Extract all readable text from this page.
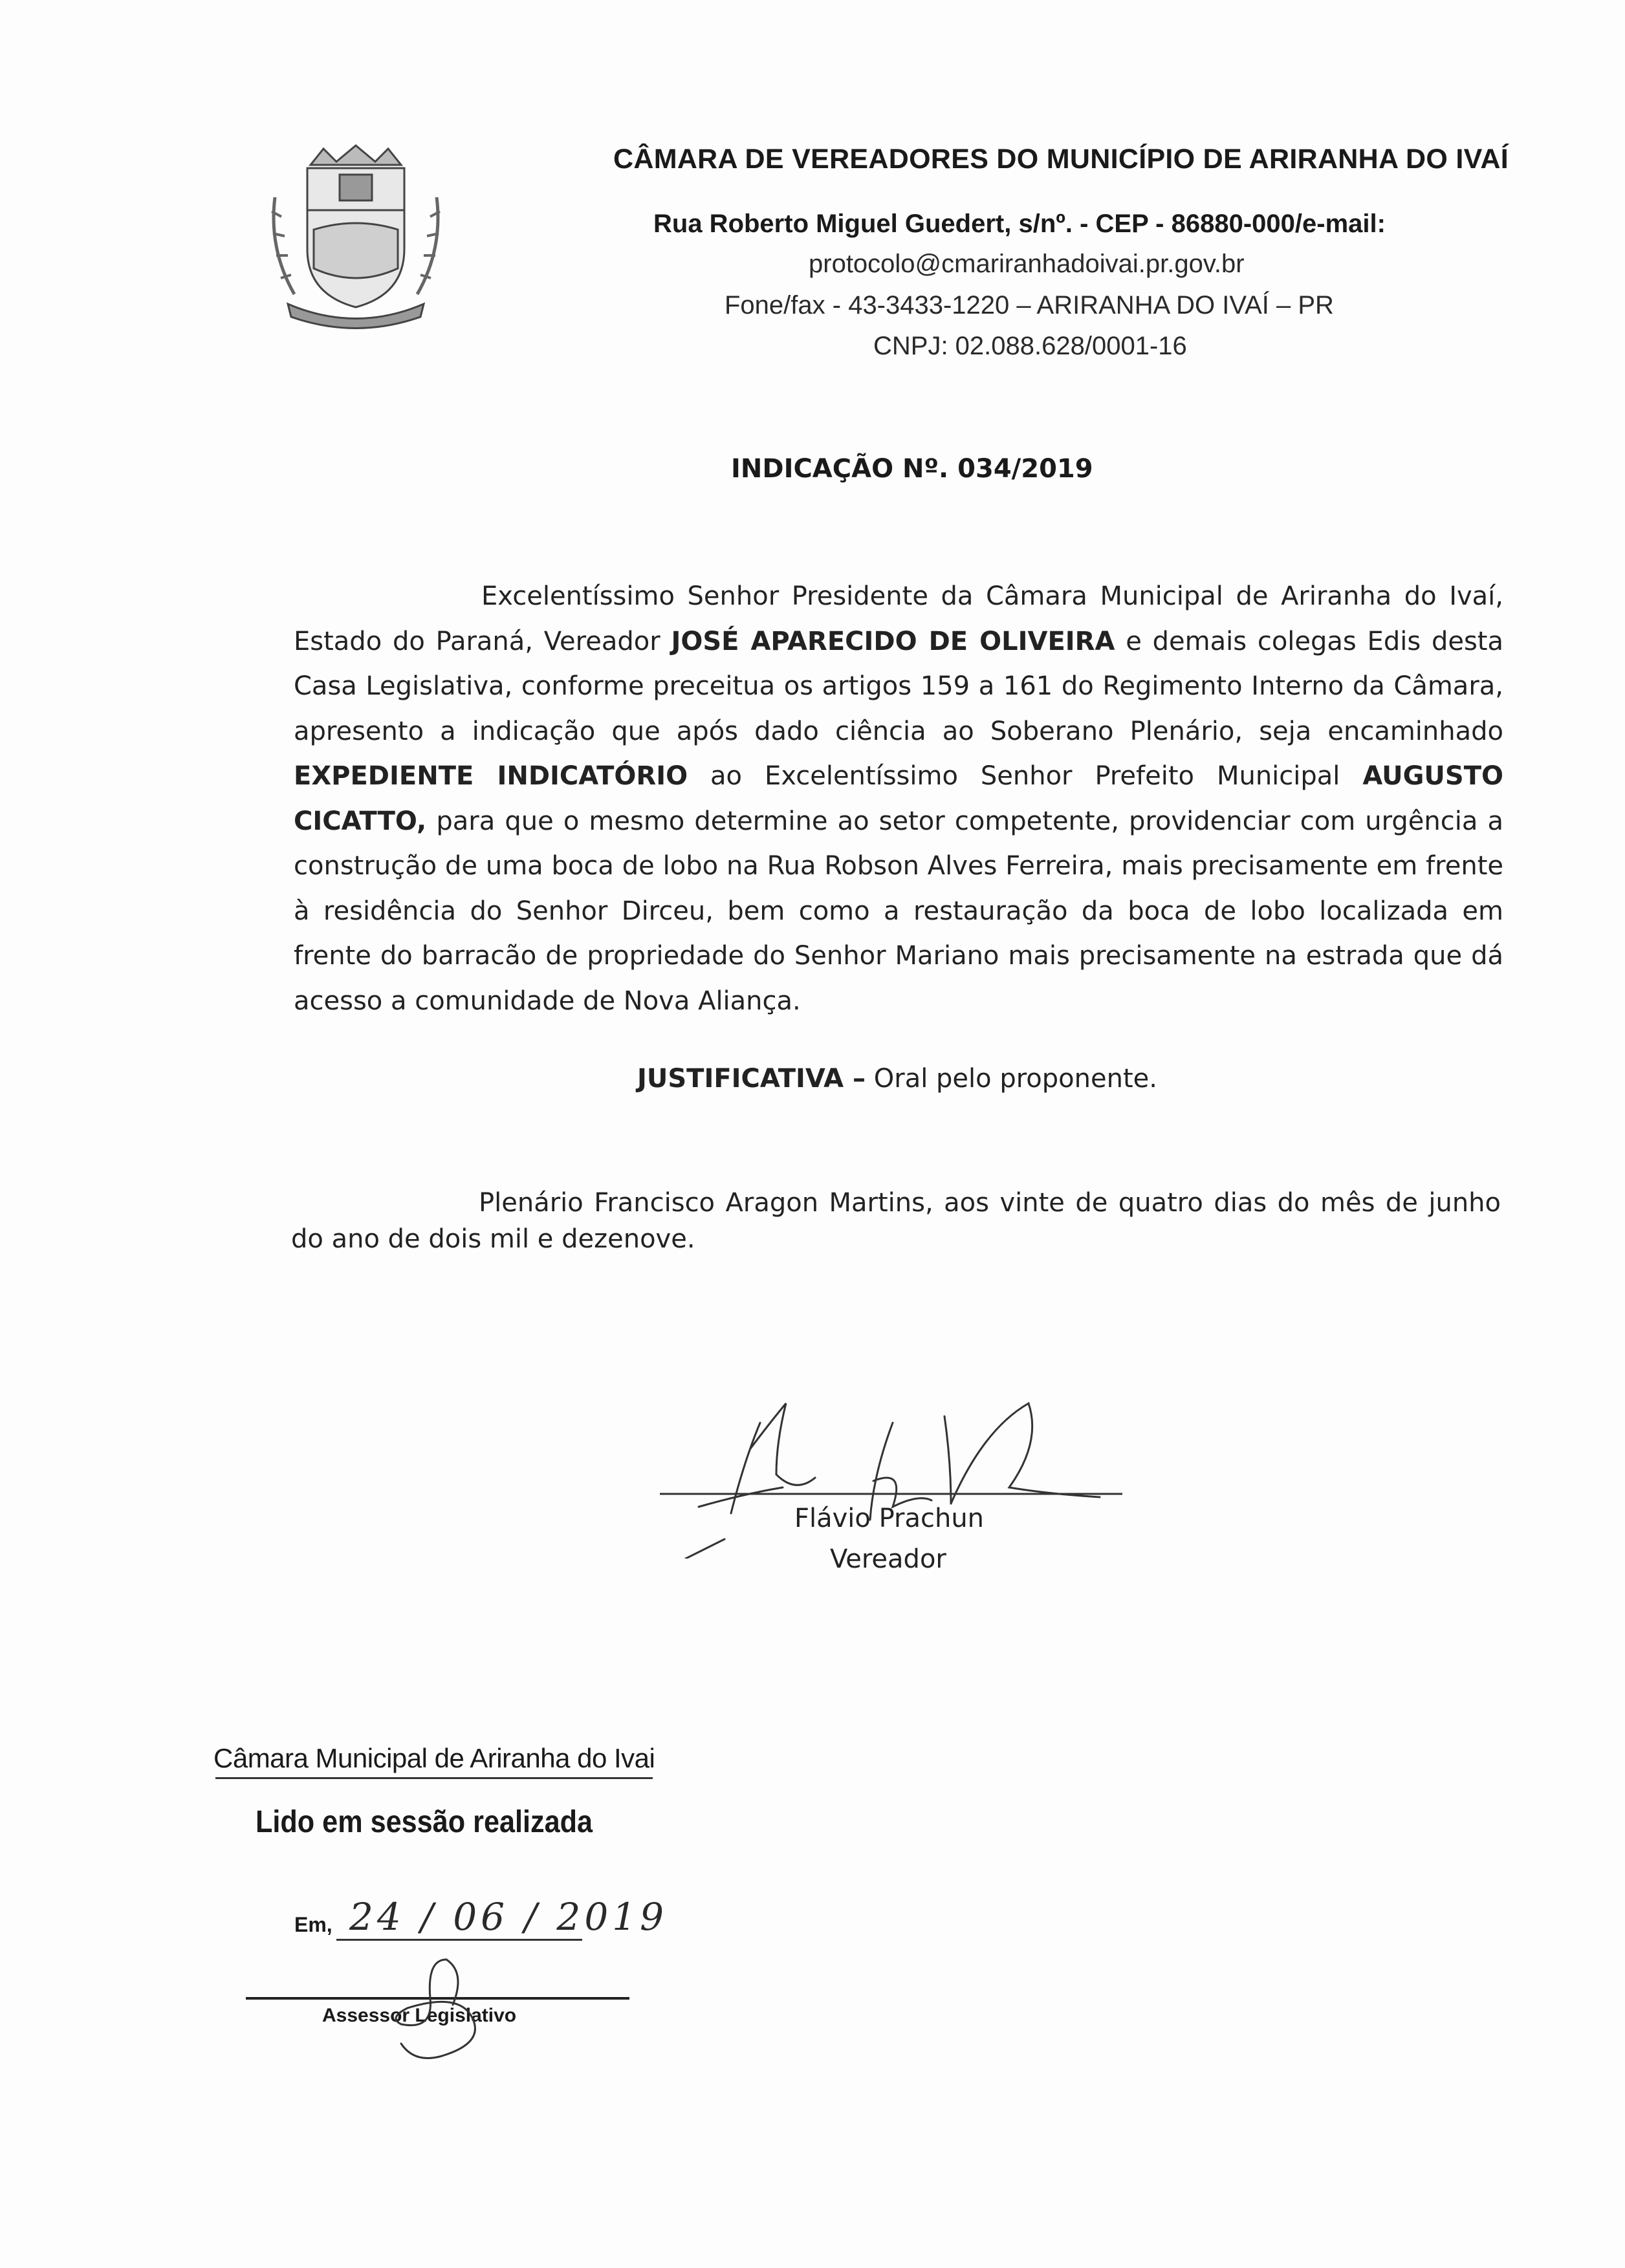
CÂMARA DE VEREADORES DO MUNICÍPIO DE ARIRANHA DO IVAÍ
Rua Roberto Miguel Guedert, s/nº. - CEP - 86880-000/e-mail:
protocolo@cmariranhadoivai.pr.gov.br
Fone/fax - 43-3433-1220 – ARIRANHA DO IVAÍ – PR
CNPJ: 02.088.628/0001-16
INDICAÇÃO Nº. 034/2019

Excelentíssimo Senhor Presidente da Câmara Municipal de Ariranha do Ivaí, Estado do Paraná, Vereador JOSÉ APARECIDO DE OLIVEIRA e demais colegas Edis desta Casa Legislativa, conforme preceitua os artigos 159 a 161 do Regimento Interno da Câmara, apresento a indicação que após dado ciência ao Soberano Plenário, seja encaminhado EXPEDIENTE INDICATÓRIO ao Excelentíssimo Senhor Prefeito Municipal AUGUSTO CICATTO, para que o mesmo determine ao setor competente, providenciar com urgência a construção de uma boca de lobo na Rua Robson Alves Ferreira, mais precisamente em frente à residência do Senhor Dirceu, bem como a restauração da boca de lobo localizada em frente do barracão de propriedade do Senhor Mariano mais precisamente na estrada que dá acesso a comunidade de Nova Aliança.

JUSTIFICATIVA – Oral pelo proponente.
Plenário Francisco Aragon Martins, aos vinte de quatro dias do mês de junho do ano de dois mil e dezenove.
Flávio Prachun
Vereador
Câmara Municipal de Ariranha do Ivai
Lido em sessão realizada
Em, 24 / 06 / 2019
Assessor Legislativo
